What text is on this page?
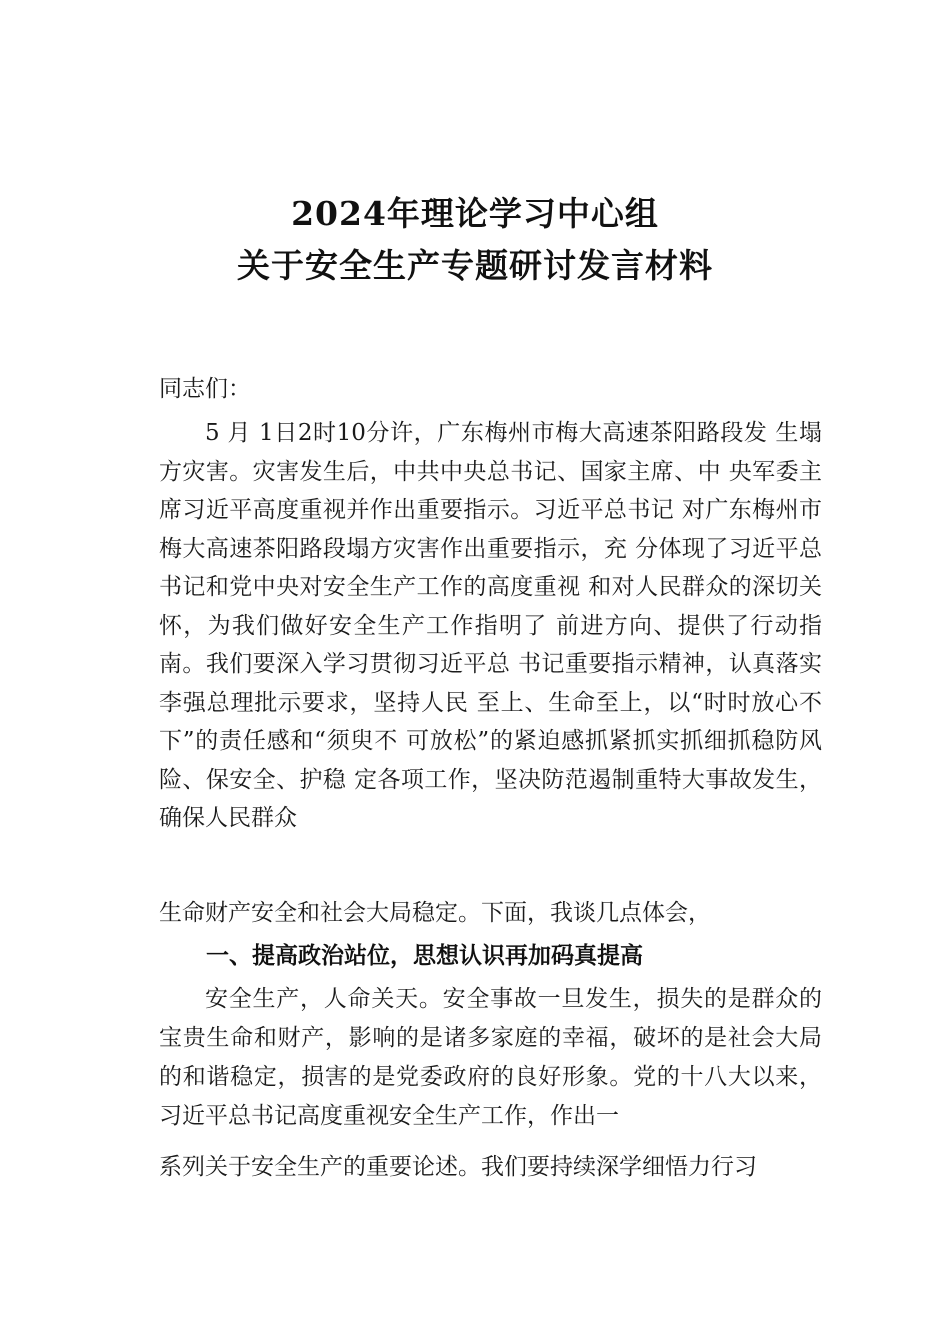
2024年理论学习中心组
关于安全生产专题研讨发言材料
同志们：
5 月 1日2时10分许，广东梅州市梅大高速茶阳路段发 生塌方灾害。灾害发生后，中共中央总书记、国家主席、中 央军委主席习近平高度重视并作出重要指示。习近平总书记 对广东梅州市梅大高速茶阳路段塌方灾害作出重要指示，充 分体现了习近平总书记和党中央对安全生产工作的高度重视 和对人民群众的深切关怀，为我们做好安全生产工作指明了 前进方向、提供了行动指南。我们要深入学习贯彻习近平总 书记重要指示精神，认真落实李强总理批示要求，坚持人民 至上、生命至上，以“时时放心不下”的责任感和“须臾不 可放松”的紧迫感抓紧抓实抓细抓稳防风险、保安全、护稳 定各项工作，坚决防范遏制重特大事故发生，确保人民群众
生命财产安全和社会大局稳定。下面，我谈几点体会，
一、提高政治站位，思想认识再加码真提高
安全生产，人命关天。安全事故一旦发生，损失的是群众的宝贵生命和财产，影响的是诸多家庭的幸福，破坏的是社会大局的和谐稳定，损害的是党委政府的良好形象。党的十八大以来，习近平总书记高度重视安全生产工作，作出一
系列关于安全生产的重要论述。我们要持续深学细悟力行习
